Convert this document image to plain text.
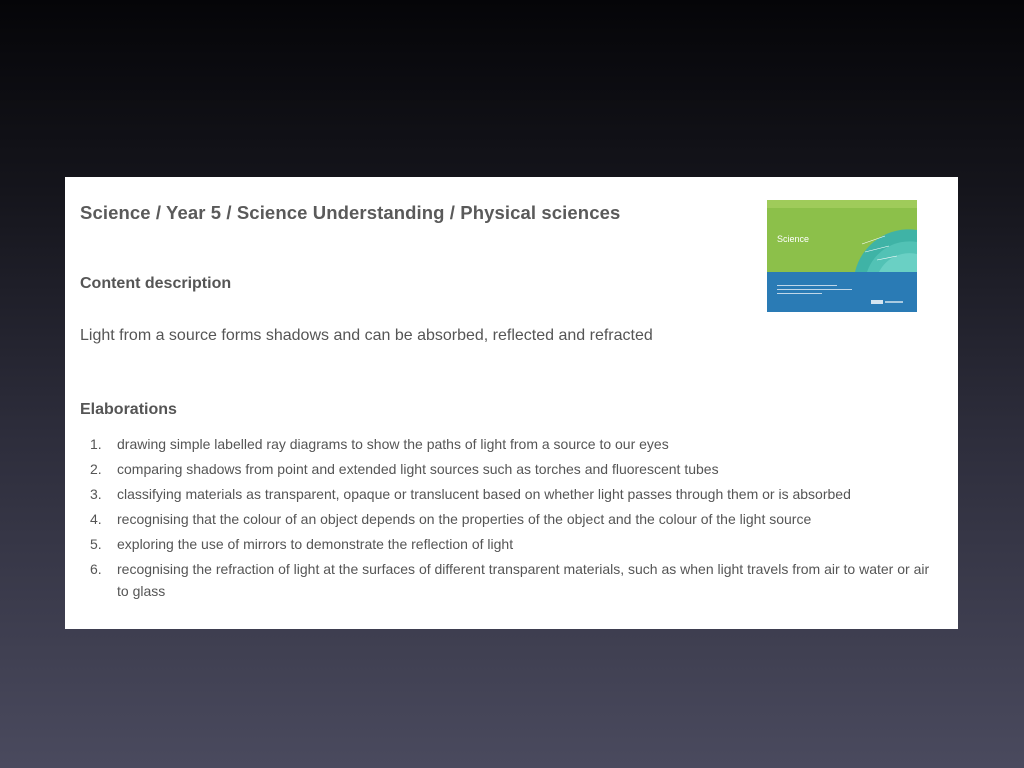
Science / Year 5 / Science Understanding / Physical sciences
Content description

Light from a source forms shadows and can be absorbed, reflected and refracted

Elaborations
1. drawing simple labelled ray diagrams to show the paths of light from a source to our eyes
2. comparing shadows from point and extended light sources such as torches and fluorescent tubes
3. classifying materials as transparent, opaque or translucent based on whether light passes through them or is absorbed
4. recognising that the colour of an object depends on the properties of the object and the colour of the light source
5. exploring the use of mirrors to demonstrate the reflection of light
6. recognising the refraction of light at the surfaces of different transparent materials, such as when light travels from air to water or air to glass
Science
